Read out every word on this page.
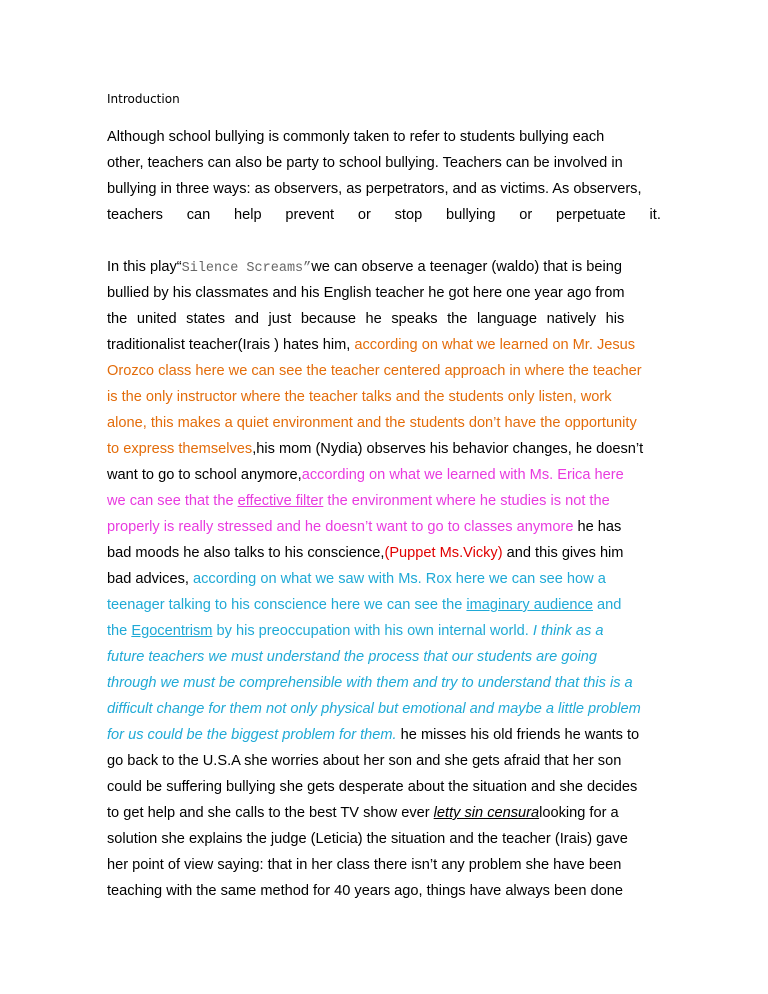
Introduction
Although school bullying is commonly taken to refer to students bullying each
other, teachers can also be party to school bullying. Teachers can be involved in
bullying in three ways: as observers, as perpetrators, and as victims. As observers,
teachers can help prevent or stop bullying or perpetuate it.
In this play“Silence Screams”we can observe a teenager (waldo) that is being
bullied by his classmates and his English teacher he got here one year ago from
the united states and just because he speaks the language natively his
traditionalist teacher(Irais ) hates him, according on what we learned on Mr. Jesus
Orozco class here we can see the teacher centered approach in where the teacher
is the only instructor where the teacher talks and the students only listen, work
alone, this makes a quiet environment and the students don’t have the opportunity
to express themselves,his mom (Nydia) observes his behavior changes, he doesn’t
want to go to school anymore,according on what we learned with Ms. Erica here
we can see that the effective filter the environment where he studies is not the
properly is really stressed and he doesn’t want to go to classes anymore he has
bad moods he also talks to his conscience,(Puppet Ms.Vicky) and this gives him
bad advices, according on what we saw with Ms. Rox here we can see how a
teenager talking to his conscience here we can see the imaginary audience and
the Egocentrism by his preoccupation with his own internal world. I think as a
future teachers we must understand the process that our students are going
through we must be comprehensible with them and try to understand that this is a
difficult change for them not only physical but emotional and maybe a little problem
for us could be the biggest problem for them. he misses his old friends he wants to
go back to the U.S.A she worries about her son and she gets afraid that her son
could be suffering bullying she gets desperate about the situation and she decides
to get help and she calls to the best TV show ever letty sin censuralooking for a
solution she explains the judge (Leticia) the situation and the teacher (Irais) gave
her point of view saying: that in her class there isn’t any problem she have been
teaching with the same method for 40 years ago, things have always been done
